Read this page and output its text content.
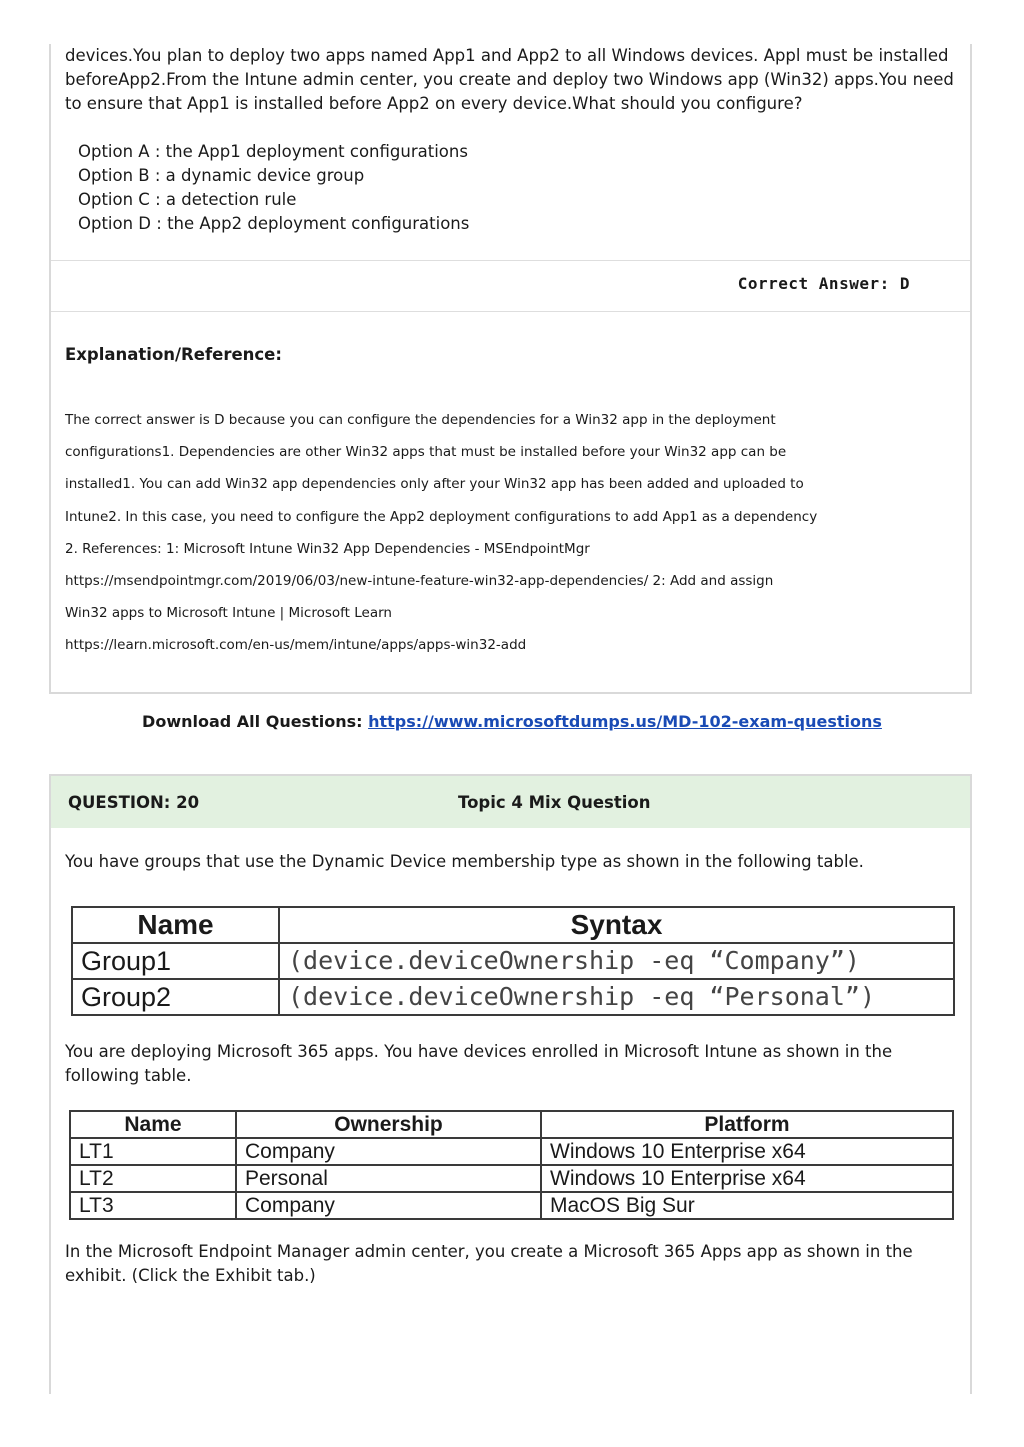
devices.You plan to deploy two apps named App1 and App2 to all Windows devices. Appl must be installed beforeApp2.From the Intune admin center, you create and deploy two Windows app (Win32) apps.You need to ensure that App1 is installed before App2 on every device.What should you configure?

Option A : the App1 deployment configurations
Option B : a dynamic device group
Option C : a detection rule
Option D : the App2 deployment configurations
Correct Answer: D
Explanation/Reference:
The correct answer is D because you can configure the dependencies for a Win32 app in the deployment
configurations1. Dependencies are other Win32 apps that must be installed before your Win32 app can be
installed1. You can add Win32 app dependencies only after your Win32 app has been added and uploaded to
Intune2. In this case, you need to configure the App2 deployment configurations to add App1 as a dependency
2. References: 1: Microsoft Intune Win32 App Dependencies - MSEndpointMgr
https://msendpointmgr.com/2019/06/03/new-intune-feature-win32-app-dependencies/ 2: Add and assign
Win32 apps to Microsoft Intune | Microsoft Learn
https://learn.microsoft.com/en-us/mem/intune/apps/apps-win32-add
Download All Questions: https://www.microsoftdumps.us/MD-102-exam-questions
QUESTION: 20	Topic 4 Mix Question

You have groups that use the Dynamic Device membership type as shown in the following table.

Name	Syntax
Group1	(device.deviceOwnership -eq “Company”)
Group2	(device.deviceOwnership -eq “Personal”)

You are deploying Microsoft 365 apps. You have devices enrolled in Microsoft Intune as shown in the following table.

Name	Ownership	Platform
LT1	Company	Windows 10 Enterprise x64
LT2	Personal	Windows 10 Enterprise x64
LT3	Company	MacOS Big Sur

In the Microsoft Endpoint Manager admin center, you create a Microsoft 365 Apps app as shown in the exhibit. (Click the Exhibit tab.)
